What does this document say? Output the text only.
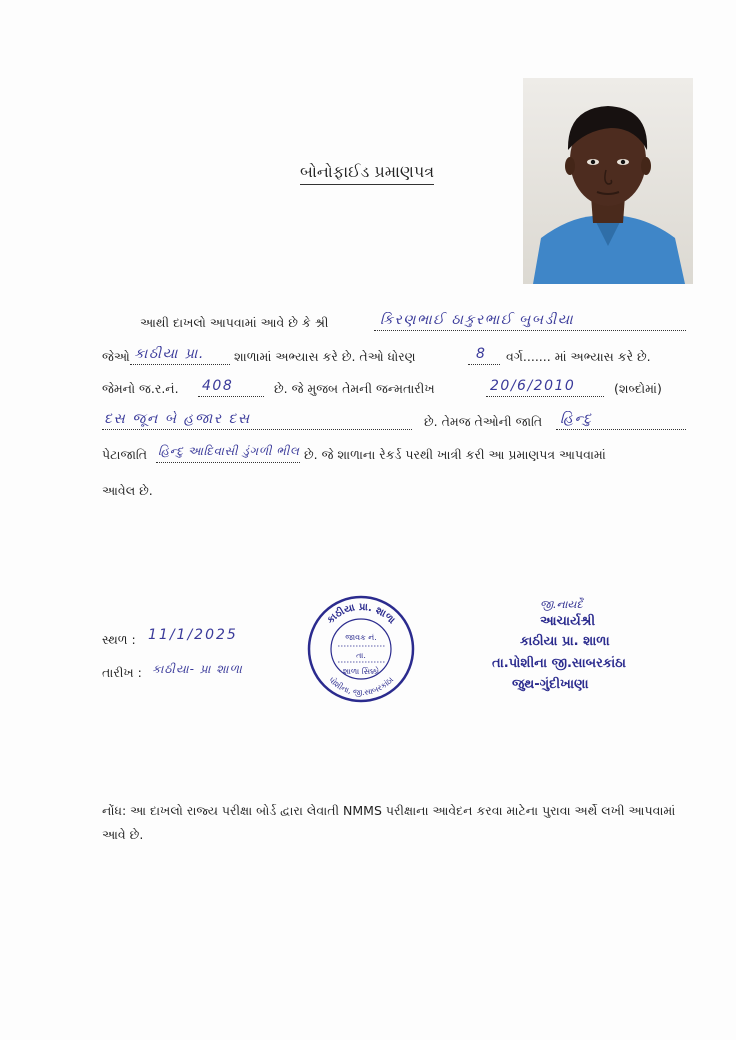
બોનોફાઈડ પ્રમાણપત્ર
આથી દાખલો આપવામાં આવે છે કે શ્રી	કિરણભાઈ ઠાકુરભાઈ બુબડીયા
જેઓ કાઠીયા પ્રા. શાળામાં અભ્યાસ કરે છે. તેઓ ધોરણ	8 વર્ગ....... માં અભ્યાસ કરે છે.
જેમનો જ.ર.નં. 408	છે. જે મુજબ તેમની જન્મતારીખ	20/6/2010	(શબ્દોમાં)
દસ જૂન બે હજાર દસ	છે. તેમજ તેઓની જાતિ હિન્દુ
પેટાજાતિ હિન્દુ આદિવાસી ડુંગળી ભીલ છે. જે શાળાના રેકર્ડ પરથી ખાત્રી કરી આ પ્રમાણપત્ર આપવામાં
આવેલ છે.
સ્થળ : 11/1/2025
તારીખ : કાઠીયા- પ્રા શાળા
કાઠીયા પ્રા. શાળા
પોશીના, જી.સાબરકાંઠા
જાવક નં.
તા.
શાળા સિક્કો
જી.નાયર્દેં
આચાર્યશ્રી
કાઠીયા પ્રા. શાળા
તા.પોશીના જી.સાબરકાંઠા
જુથ-ગુંદીખાણા
નોંધ: આ દાખલો રાજ્ય પરીક્ષા બોર્ડ દ્વારા લેવાતી NMMS પરીક્ષાના આવેદન કરવા માટેના પુરાવા અર્થે લખી આપવામાં આવે છે.
